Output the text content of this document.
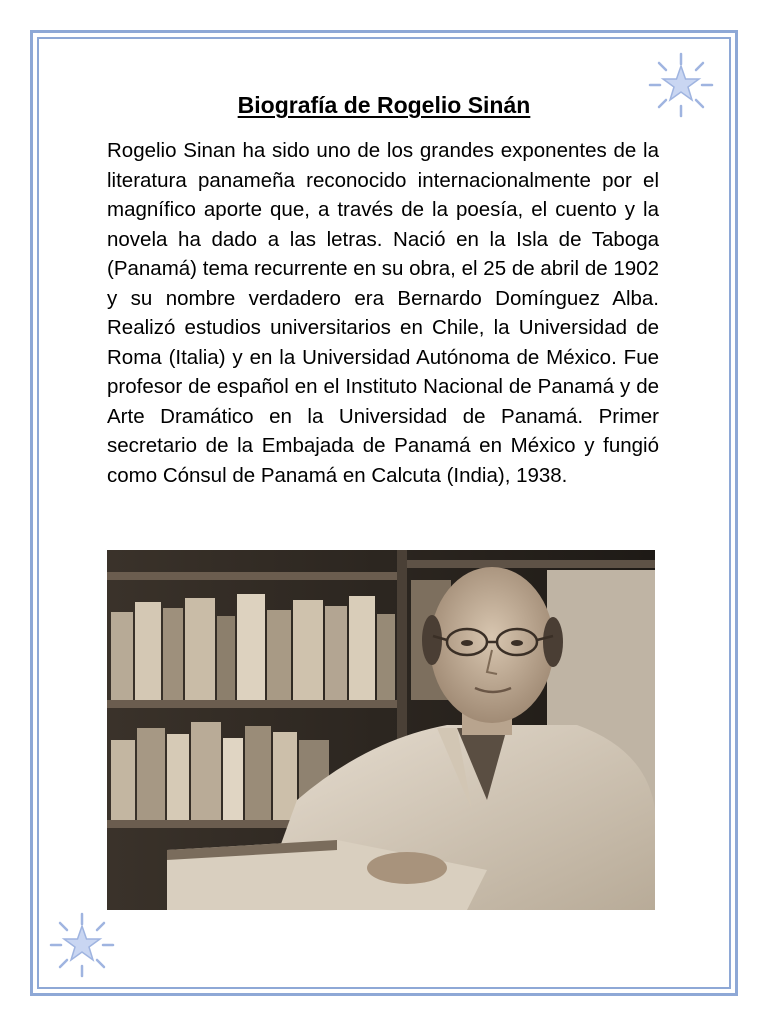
Biografía de Rogelio Sinán

Rogelio Sinan ha sido uno de los grandes exponentes de la literatura panameña reconocido internacionalmente por el magnífico aporte que, a través de la poesía, el cuento y la novela ha dado a las letras. Nació en la Isla de Taboga (Panamá) tema recurrente en su obra, el 25 de abril de 1902 y su nombre verdadero era Bernardo Domínguez Alba. Realizó estudios universitarios en Chile, la Universidad de Roma (Italia) y en la Universidad Autónoma de México. Fue profesor de español en el Instituto Nacional de Panamá y de Arte Dramático en la Universidad de Panamá. Primer secretario de la Embajada de Panamá en México y fungió como Cónsul de Panamá en Calcuta (India), 1938.
